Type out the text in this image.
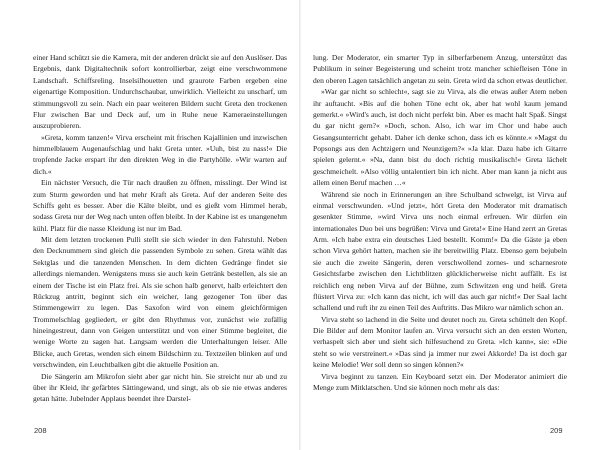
einer Hand schützt sie die Kamera, mit der anderen drückt sie auf den Auslöser. Das Ergebnis, dank Digitaltechnik sofort kontrollierbar, zeigt eine verschwommene Landschaft. Schiffsreling. Inselsilhouetten und graurote Farben ergeben eine eigenartige Komposition. Undurchschaubar, unwirklich. Vielleicht zu unscharf, um stimmungsvoll zu sein. Nach ein paar weiteren Bildern sucht Greta den trockenen Flur zwischen Bar und Deck auf, um in Ruhe neue Kameraeinstellungen auszuprobieren.

»Greta, komm tanzen!« Virva erscheint mit frischen Kajallinien und inzwischen himmelblauem Augenaufschlag und hakt Greta unter. »Uuh, bist zu nass!« Die tropfende Jacke erspart ihr den direkten Weg in die Partyhölle. »Wir warten auf dich.«

Ein nächster Versuch, die Tür nach draußen zu öffnen, misslingt. Der Wind ist zum Sturm geworden und hat mehr Kraft als Greta. Auf der anderen Seite des Schiffs geht es besser. Aber die Kälte bleibt, und es gießt vom Himmel herab, sodass Greta nur der Weg nach unten offen bleibt. In der Kabine ist es unangenehm kühl. Platz für die nasse Kleidung ist nur im Bad.

Mit dem letzten trockenen Pulli stellt sie sich wieder in den Fahrstuhl. Neben den Decknummern sind gleich die passenden Symbole zu sehen. Greta wählt das Sektglas und die tanzenden Menschen. In dem dichten Gedränge findet sie allerdings niemanden. Wenigstens muss sie auch kein Getränk bestellen, als sie an einem der Tische ist ein Platz frei. Als sie schon halb genervt, halb erleichtert den Rückzug antritt, beginnt sich ein weicher, lang gezogener Ton über das Stimmengewirr zu legen. Das Saxofon wird von einem gleichförmigen Trommelschlag gegliedert, er gibt den Rhythmus vor, zunächst wie zufällig hineingestreut, dann von Geigen unterstützt und von einer Stimme begleitet, die wenige Worte zu sagen hat. Langsam werden die Unterhaltungen leiser. Alle Blicke, auch Gretas, wenden sich einem Bildschirm zu. Textzeilen blinken auf und verschwinden, ein Leuchtbalken gibt die aktuelle Position an.

Die Sängerin am Mikrofon sieht aber gar nicht hin. Sie streicht nur ab und zu über ihr Kleid, ihr gefärbtes Sättingewand, und singt, als ob sie nie etwas anderes getan hätte. Jubelnder Applaus beendet ihre Darstel-

208

lung. Der Moderator, ein smarter Typ in silberfarbenem Anzug, unterstützt das Publikum in seiner Begeisterung und scheint trotz mancher schiefleisen Töne in den oberen Lagen tatsächlich angetan zu sein. Greta wird da schon etwas deutlicher.

»War gar nicht so schlecht«, sagt sie zu Virva, als die etwas außer Atem neben ihr auftaucht. »Bis auf die hohen Töne echt ok, aber hat wohl kaum jemand gemerkt.« »Wird's auch, ist doch nicht perfekt bin. Aber es macht halt Spaß. Singst du gar nicht gern?« »Doch, schon. Also, ich war im Chor und habe auch Gesangsunterricht gehabt. Daher ich denke schon, dass ich es könnte.« »Magst du Popsongs aus den Achtzigern und Neunzigern?« »Ja klar. Dazu habe ich Gitarre spielen gelernt.« »Na, dann bist du doch richtig musikalisch!« Greta lächelt geschmeichelt. »Also völlig untalentiert bin ich nicht. Aber man kann ja nicht aus allem einen Beruf machen …«

Während sie noch in Erinnerungen an ihre Schulband schwelgt, ist Virva auf einmal verschwunden. »Und jetzt«, hört Greta den Moderator mit dramatisch gesenkter Stimme, »wird Virva uns noch einmal erfreuen. Wir dürfen ein internationales Duo bei uns begrüßen: Virva und Greta!« Eine Hand zerrt an Gretas Arm. »Ich habe extra ein deutsches Lied bestellt. Komm!« Da die Gäste ja eben schon Virva gehört hatten, machen sie ihr bereitwillig Platz. Ebenso gern bejubeln sie auch die zweite Sängerin, deren verschwollend zornes- und scharnesrote Gesichtsfarbe zwischen den Lichtblitzen glücklicherweise nicht auffällt. Es ist reichlich eng neben Virva auf der Bühne, zum Schwitzen eng und heiß. Greta flüstert Virva zu: »Ich kann das nicht, ich will das auch gar nicht!« Der Saal lacht schallend und ruft ihr zu einen Teil des Auftritts. Das Mikro war nämlich schon an.

Virva steht so lachend in die Seite und deutet noch zu. Greta schüttelt den Kopf. Die Bilder auf dem Monitor laufen an. Virva versucht sich an den ersten Worten, verhaspelt sich aber und sieht sich hilfesuchend zu Greta. »Ich kann«, sie: »Die steht so wie verstreinert.« »Das sind ja immer nur zwei Akkorde! Da ist doch gar keine Melodie! Wer soll denn so singen können?«

Virva beginnt zu tanzen. Ein Keyboard setzt ein. Der Moderator animiert die Menge zum Mitklatschen. Und sie können noch mehr als das:

209
